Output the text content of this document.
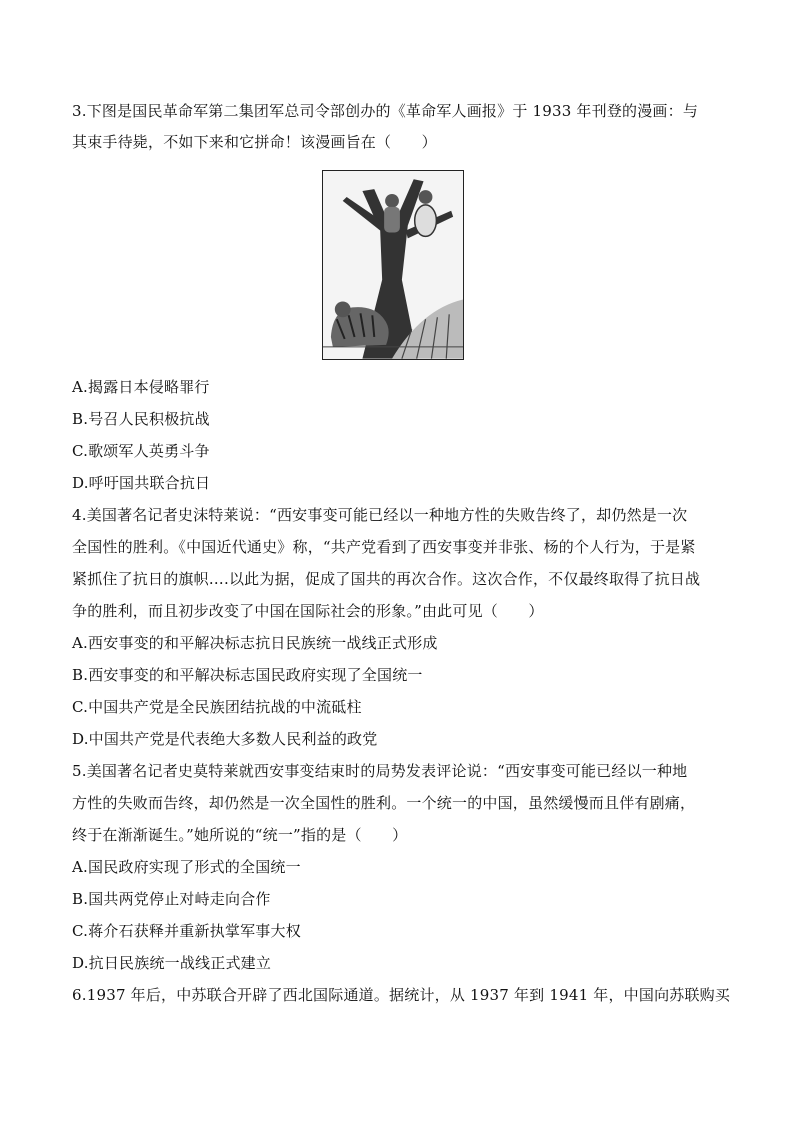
3.下图是国民革命军第二集团军总司令部创办的《革命军人画报》于 1933 年刊登的漫画：与
其束手待毙，不如下来和它拼命！该漫画旨在（　　）
A.揭露日本侵略罪行
B.号召人民积极抗战
C.歌颂军人英勇斗争
D.呼吁国共联合抗日
4.美国著名记者史沫特莱说：“西安事变可能已经以一种地方性的失败告终了，却仍然是一次
全国性的胜利。《中国近代通史》称，“共产党看到了西安事变并非张、杨的个人行为，于是紧
紧抓住了抗日的旗帜….以此为据，促成了国共的再次合作。这次合作，不仅最终取得了抗日战
争的胜利，而且初步改变了中国在国际社会的形象。”由此可见（　　）
A.西安事变的和平解决标志抗日民族统一战线正式形成
B.西安事变的和平解决标志国民政府实现了全国统一
C.中国共产党是全民族团结抗战的中流砥柱
D.中国共产党是代表绝大多数人民利益的政党
5.美国著名记者史莫特莱就西安事变结束时的局势发表评论说：“西安事变可能已经以一种地
方性的失败而告终，却仍然是一次全国性的胜利。一个统一的中国，虽然缓慢而且伴有剧痛，
终于在渐渐诞生。”她所说的“统一”指的是（　　）
A.国民政府实现了形式的全国统一
B.国共两党停止对峙走向合作
C.蒋介石获释并重新执掌军事大权
D.抗日民族统一战线正式建立
6.1937 年后，中苏联合开辟了西北国际通道。据统计，从 1937 年到 1941 年，中国向苏联购买
